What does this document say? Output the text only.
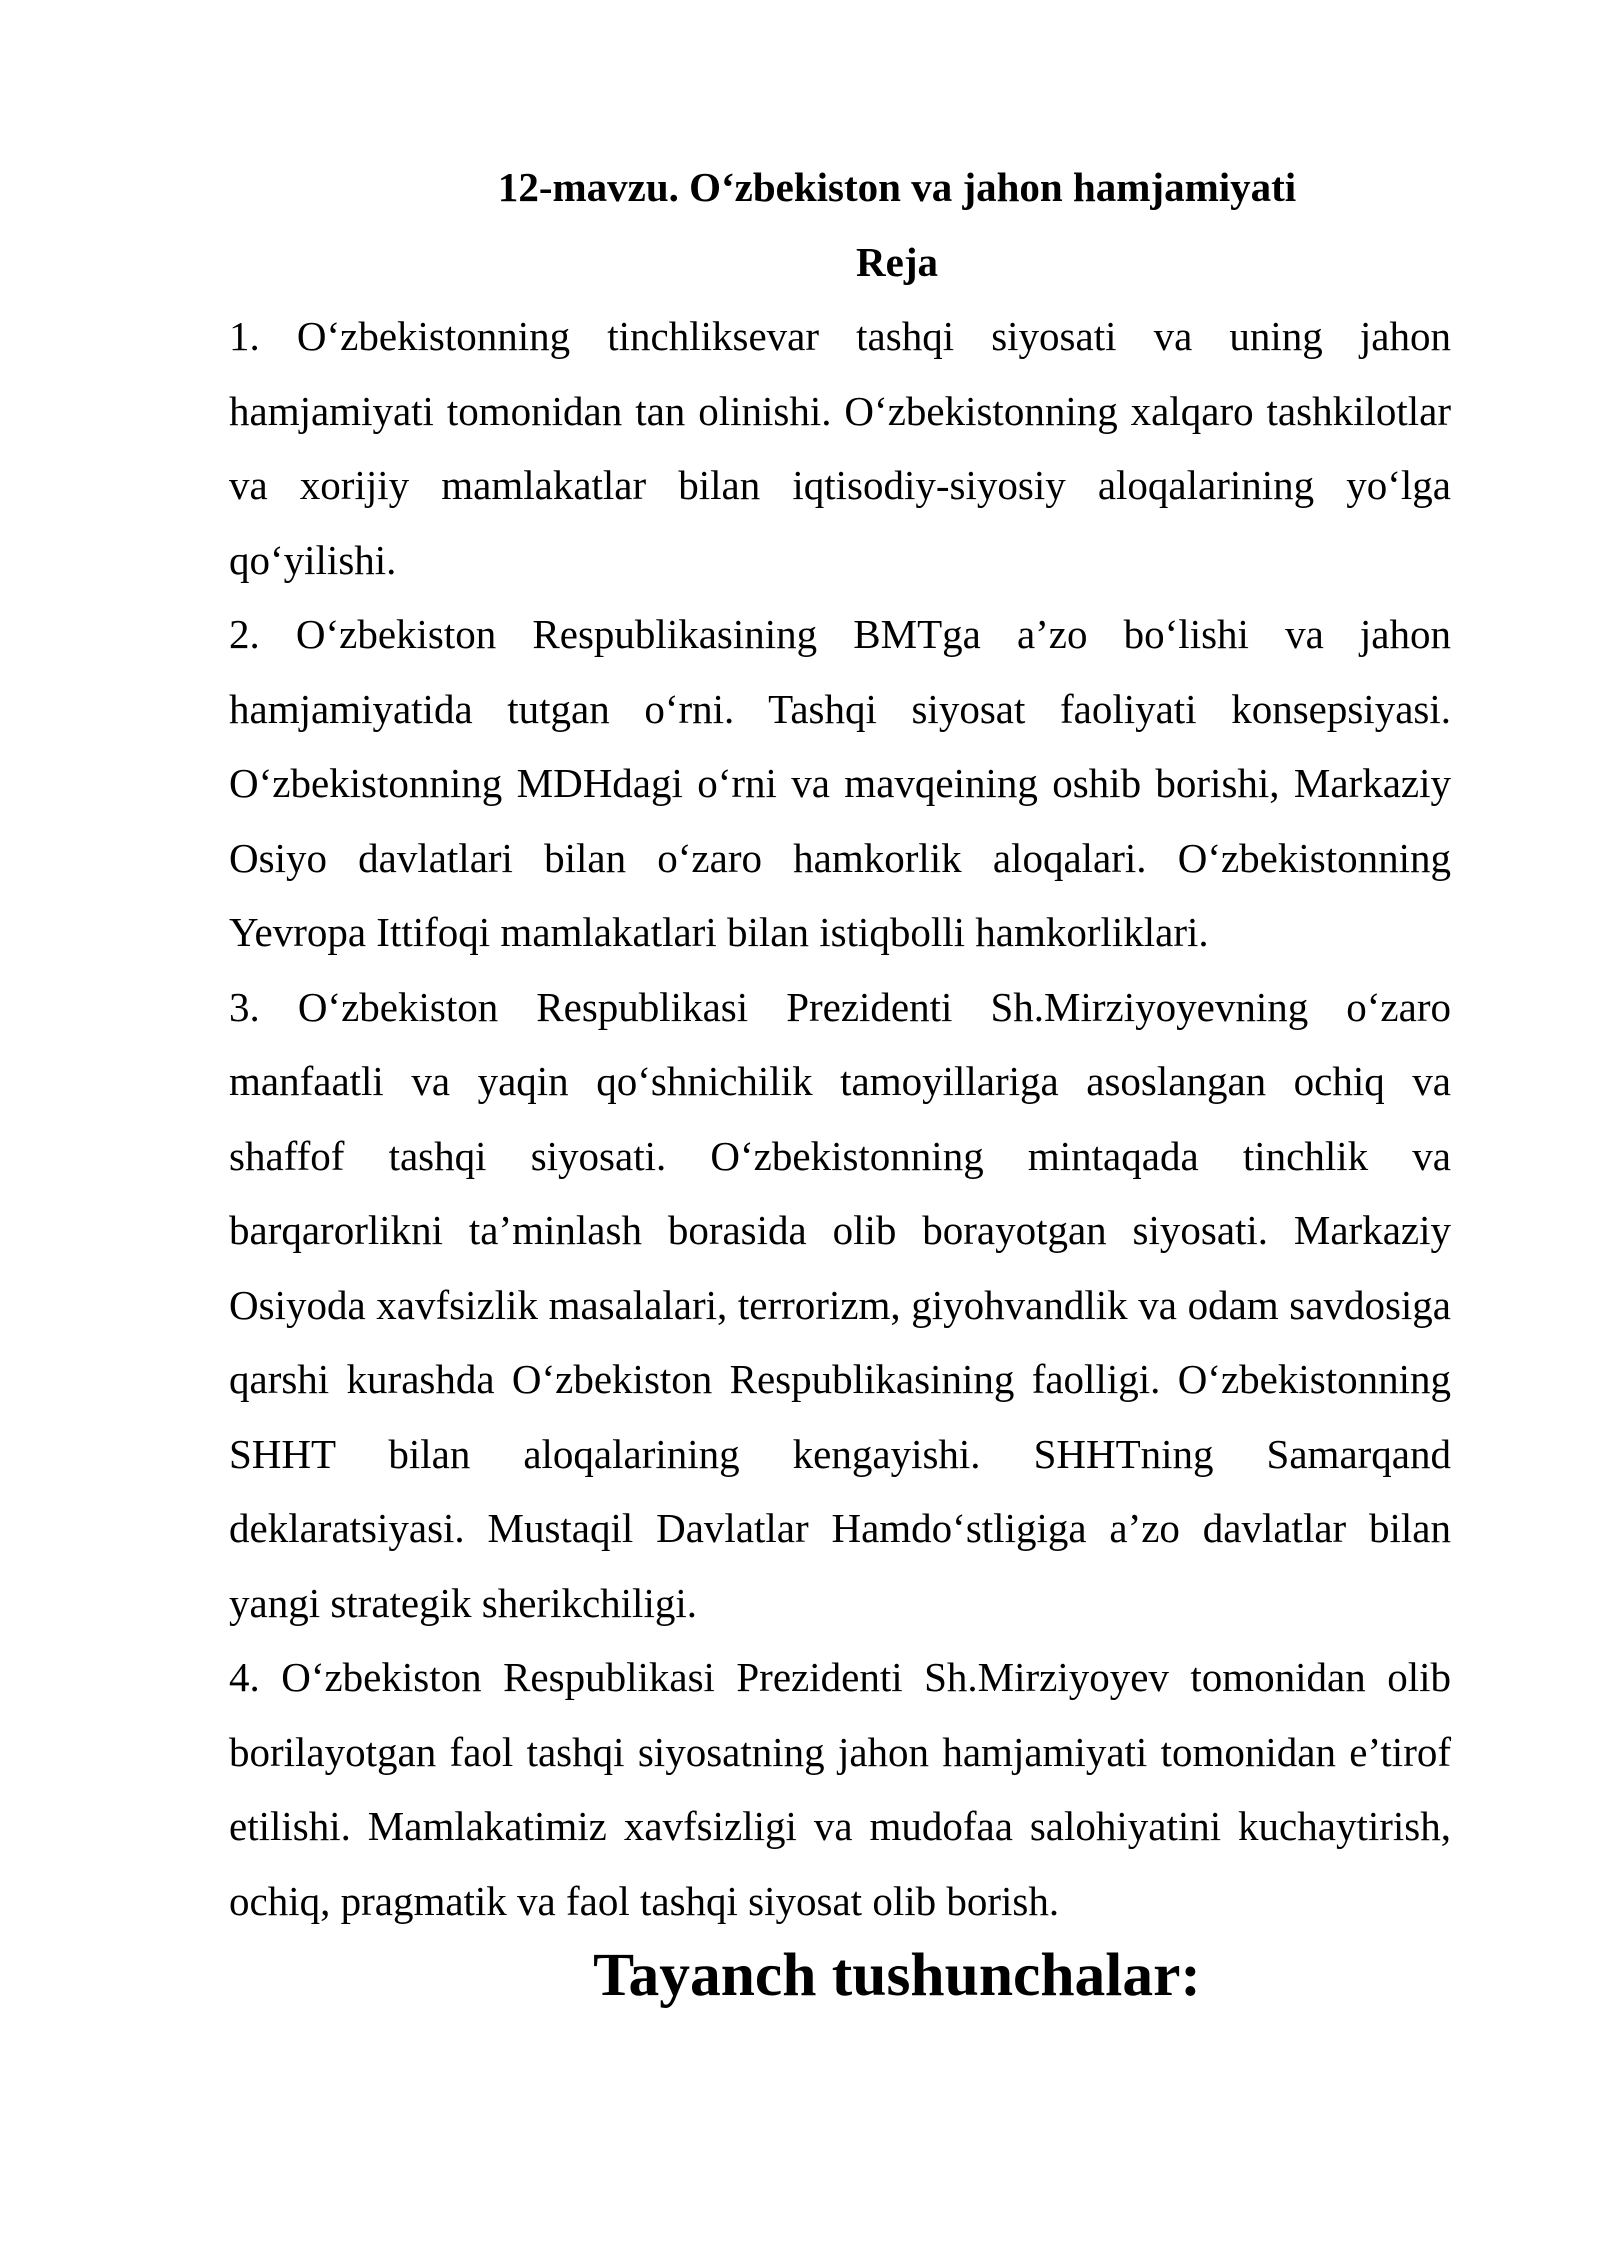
12-mavzu. O‘zbekiston va jahon hamjamiyati
Reja

1. O‘zbekistonning tinchliksevar tashqi siyosati va uning jahon hamjamiyati tomonidan tan olinishi. O‘zbekistonning xalqaro tashkilotlar va xorijiy mamlakatlar bilan iqtisodiy-siyosiy aloqalarining yo‘lga qo‘yilishi.

2. O‘zbekiston Respublikasining BMTga a’zo bo‘lishi va jahon hamjamiyatida tutgan o‘rni. Tashqi siyosat faoliyati konsepsiyasi. O‘zbekistonning MDHdagi o‘rni va mavqeining oshib borishi, Markaziy Osiyo davlatlari bilan o‘zaro hamkorlik aloqalari. O‘zbekistonning Yevropa Ittifoqi mamlakatlari bilan istiqbolli hamkorliklari.

3. O‘zbekiston Respublikasi Prezidenti Sh.Mirziyoyevning o‘zaro manfaatli va yaqin qo‘shnichilik tamoyillariga asoslangan ochiq va shaffof tashqi siyosati. O‘zbekistonning mintaqada tinchlik va barqarorlikni ta’minlash borasida olib borayotgan siyosati. Markaziy Osiyoda xavfsizlik masalalari, terrorizm, giyohvandlik va odam savdosiga qarshi kurashda O‘zbekiston Respublikasining faolligi. O‘zbekistonning SHHT bilan aloqalarining kengayishi. SHHTning Samarqand deklaratsiyasi. Mustaqil Davlatlar Hamdo‘stligiga a’zo davlatlar bilan yangi strategik sherikchiligi.

4. O‘zbekiston Respublikasi Prezidenti Sh.Mirziyoyev tomonidan olib borilayotgan faol tashqi siyosatning jahon hamjamiyati tomonidan e’tirof etilishi. Mamlakatimiz xavfsizligi va mudofaa salohiyatini kuchaytirish, ochiq, pragmatik va faol tashqi siyosat olib borish.

Tayanch tushunchalar:
